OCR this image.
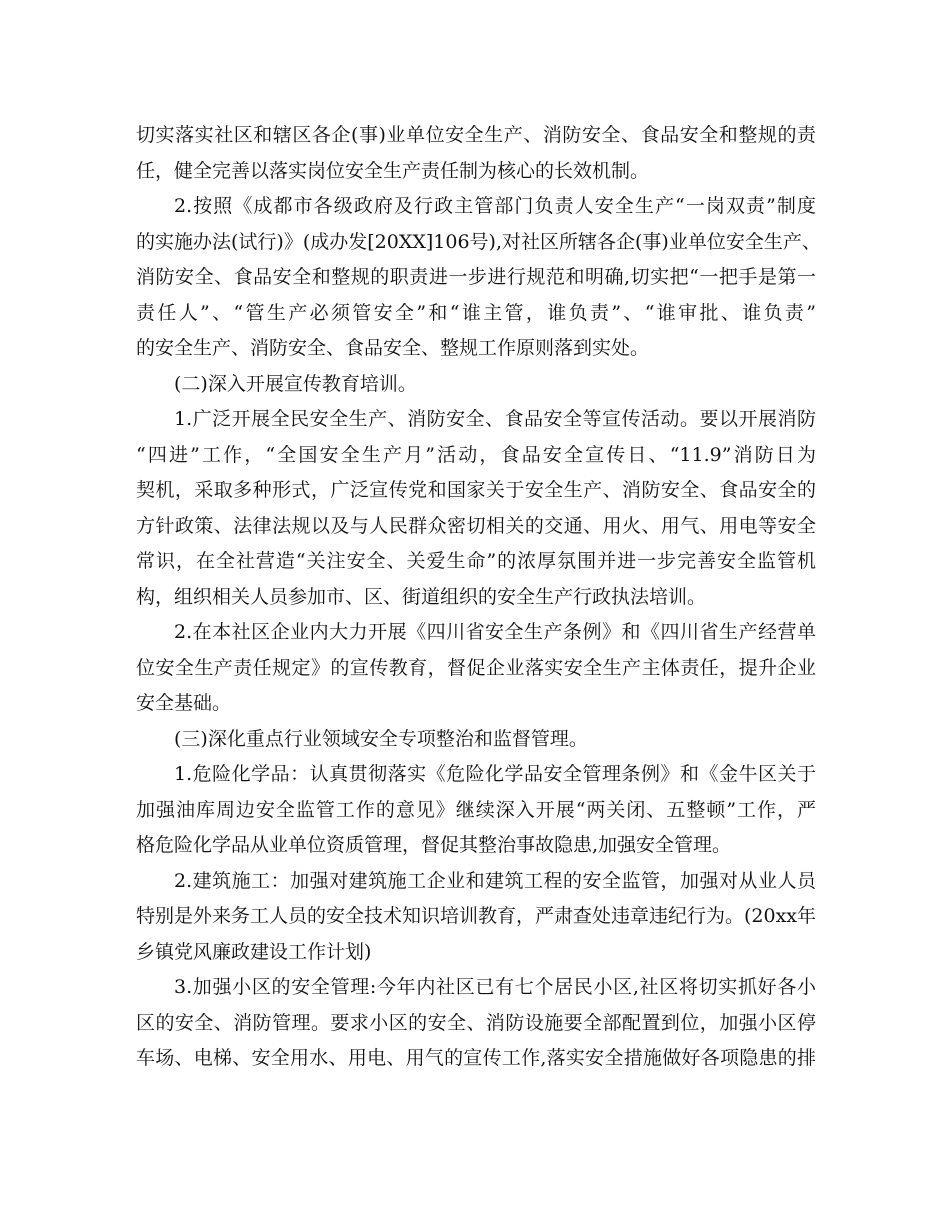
切实落实社区和辖区各企(事)业单位安全生产、消防安全、食品安全和整规的责
任，健全完善以落实岗位安全生产责任制为核心的长效机制。
2.按照《成都市各级政府及行政主管部门负责人安全生产“一岗双责”制度
的实施办法(试行)》(成办发[20XX]106号),对社区所辖各企(事)业单位安全生产、
消防安全、食品安全和整规的职责进一步进行规范和明确,切实把“一把手是第一
责任人”、“管生产必须管安全”和“谁主管，谁负责”、“谁审批、谁负责”
的安全生产、消防安全、食品安全、整规工作原则落到实处。
(二)深入开展宣传教育培训。
1.广泛开展全民安全生产、消防安全、食品安全等宣传活动。要以开展消防
“四进”工作，“全国安全生产月”活动，食品安全宣传日、“11.9”消防日为
契机，采取多种形式，广泛宣传党和国家关于安全生产、消防安全、食品安全的
方针政策、法律法规以及与人民群众密切相关的交通、用火、用气、用电等安全
常识，在全社营造“关注安全、关爱生命”的浓厚氛围并进一步完善安全监管机
构，组织相关人员参加市、区、街道组织的安全生产行政执法培训。
2.在本社区企业内大力开展《四川省安全生产条例》和《四川省生产经营单
位安全生产责任规定》的宣传教育，督促企业落实安全生产主体责任，提升企业
安全基础。
(三)深化重点行业领域安全专项整治和监督管理。
1.危险化学品：认真贯彻落实《危险化学品安全管理条例》和《金牛区关于
加强油库周边安全监管工作的意见》继续深入开展“两关闭、五整顿”工作，严
格危险化学品从业单位资质管理，督促其整治事故隐患,加强安全管理。
2.建筑施工：加强对建筑施工企业和建筑工程的安全监管，加强对从业人员
特别是外来务工人员的安全技术知识培训教育，严肃查处违章违纪行为。(20xx年
乡镇党风廉政建设工作计划)
3.加强小区的安全管理:今年内社区已有七个居民小区,社区将切实抓好各小
区的安全、消防管理。要求小区的安全、消防设施要全部配置到位，加强小区停
车场、电梯、安全用水、用电、用气的宣传工作,落实安全措施做好各项隐患的排
